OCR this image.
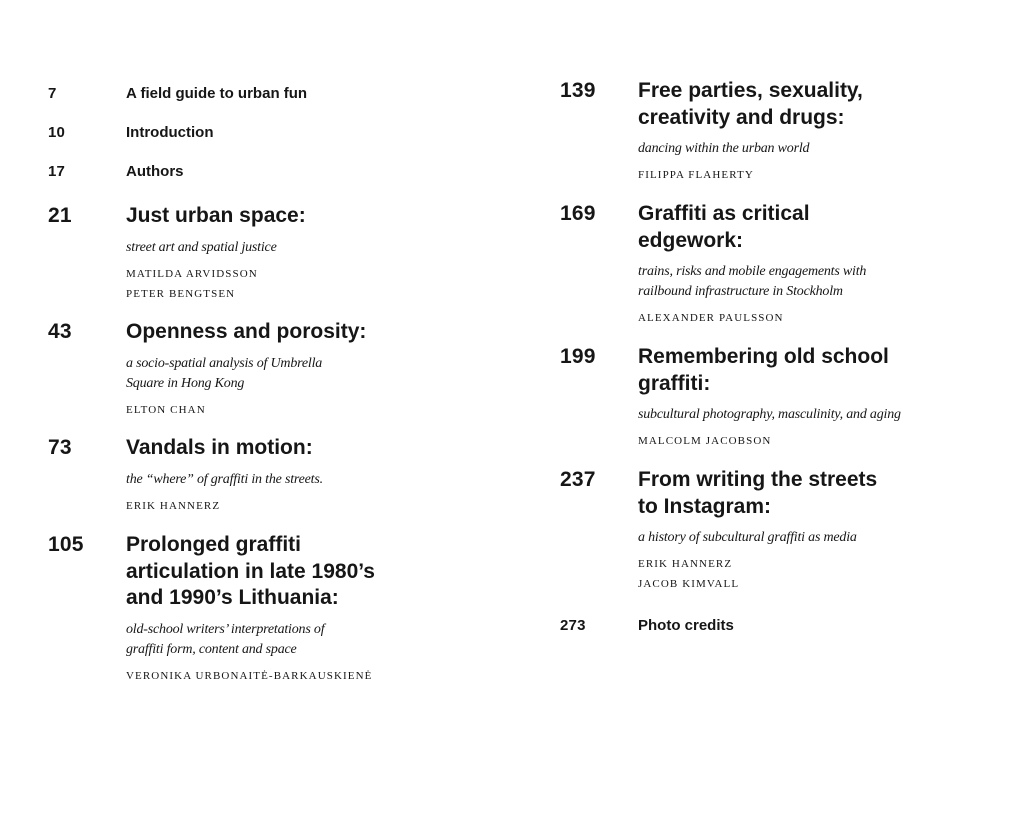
7	A field guide to urban fun
10	Introduction
17	Authors
21	Just urban space:
street art and spatial justice
MATILDA ARVIDSSON
PETER BENGTSEN
43	Openness and porosity:
a socio-spatial analysis of Umbrella
Square in Hong Kong
ELTON CHAN
73	Vandals in motion:
the “where” of graffiti in the streets.
ERIK HANNERZ
105 Prolonged graffiti
articulation in late 1980’s
and 1990’s Lithuania:
old-school writers’ interpretations of
graffiti form, content and space
VERONIKA URBONAITĖ-BARKAUSKIENĖ
139 Free parties, sexuality,
creativity and drugs:
dancing within the urban world
FILIPPA FLAHERTY
169 Graffiti as critical
edgework:
trains, risks and mobile engagements with
railbound infrastructure in Stockholm
ALEXANDER PAULSSON
199 Remembering old school
graffiti:
subcultural photography, masculinity, and aging
MALCOLM JACOBSON
237 From writing the streets
to Instagram:
a history of subcultural graffiti as media
ERIK HANNERZ
JACOB KIMVALL
273	Photo credits
